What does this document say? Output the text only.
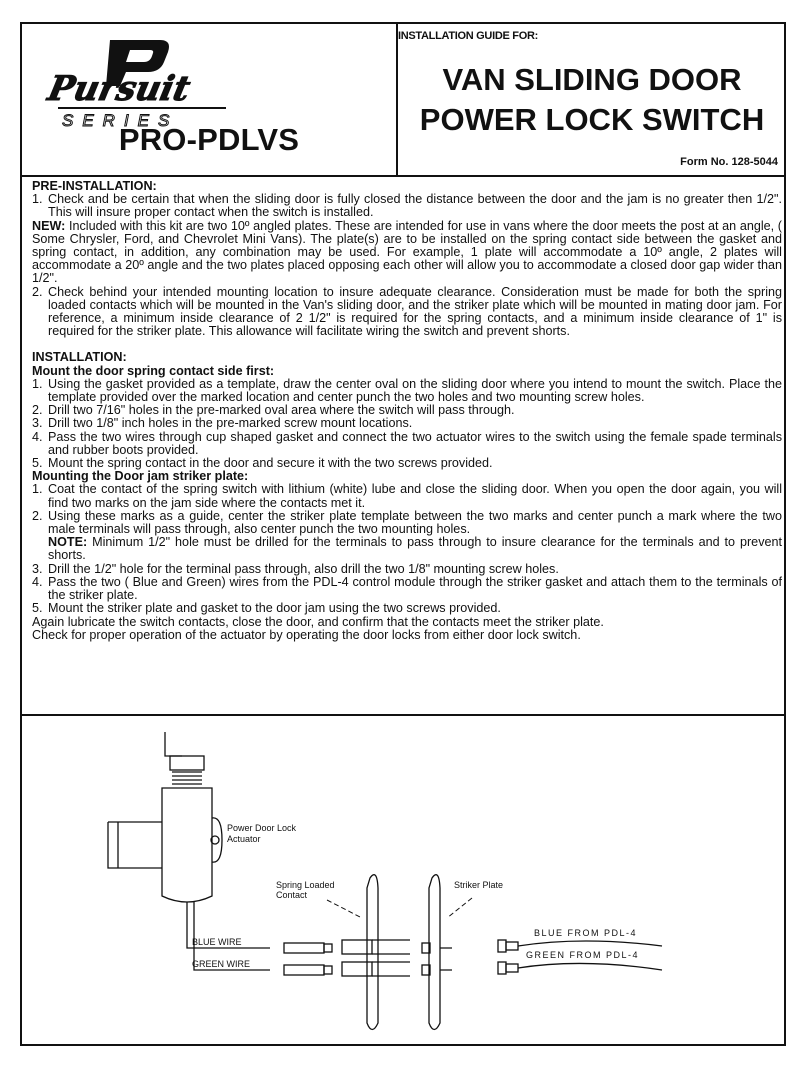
Pursuit
SERIES
PRO-PDLVS
INSTALLATION GUIDE FOR:
VAN SLIDING DOOR
POWER LOCK SWITCH
Form No. 128-5044

PRE-INSTALLATION:

1. Check and be certain that when the sliding door is fully closed the distance between the door and the jam is no greater then 1/2". This will insure proper contact when the switch is installed.

NEW: Included with this kit are two 10º angled plates. These are intended for use in vans where the door meets the post at an angle, ( Some Chrysler, Ford, and Chevrolet Mini Vans). The plate(s) are to be installed on the spring contact side between the gasket and spring contact, in addition, any combination may be used. For example, 1 plate will accommodate a 10º angle, 2 plates will accommodate a 20º angle and the two plates placed opposing each other will allow you to accommodate a closed door gap wider than 1/2".

2. Check behind your intended mounting location to insure adequate clearance. Consideration must be made for both the spring loaded contacts which will be mounted in the Van's sliding door, and the striker plate which will be mounted in mating door jam. For reference, a minimum inside clearance of 2 1/2" is required for the spring contacts, and a minimum inside clearance of 1" is required for the striker plate. This allowance will facilitate wiring the switch and prevent shorts.

INSTALLATION:

Mount the door spring contact side first:

1. Using the gasket provided as a template, draw the center oval on the sliding door where you intend to mount the switch. Place the template provided over the marked location and center punch the two holes and two mounting screw holes.
2. Drill two 7/16" holes in the pre-marked oval area where the switch will pass through.
3. Drill two 1/8" inch holes in the pre-marked screw mount locations.
4. Pass the two wires through cup shaped gasket and connect the two actuator wires to the switch using the female spade terminals and rubber boots provided.
5. Mount the spring contact in the door and secure it with the two screws provided.

Mounting the Door jam striker plate:

1. Coat the contact of the spring switch with lithium (white) lube and close the sliding door. When you open the door again, you will find two marks on the jam side where the contacts met it.
2. Using these marks as a guide, center the striker plate template between the two marks and center punch a mark where the two male terminals will pass through, also center punch the two mounting holes.
NOTE: Minimum 1/2" hole must be drilled for the terminals to pass through to insure clearance for the terminals and to prevent shorts.
3. Drill the 1/2" hole for the terminal pass through, also drill the two 1/8" mounting screw holes.
4. Pass the two ( Blue and Green) wires from the PDL-4 control module through the striker gasket and attach them to the terminals of the striker plate.
5. Mount the striker plate and gasket to the door jam using the two screws provided.

Again lubricate the switch contacts, close the door, and confirm that the contacts meet the striker plate.

Check for proper operation of the actuator by operating the door locks from either door lock switch.

Power Door Lock
Actuator
Spring Loaded
Contact
Striker Plate
BLUE WIRE
GREEN WIRE
BLUE FROM PDL-4
GREEN FROM PDL-4
